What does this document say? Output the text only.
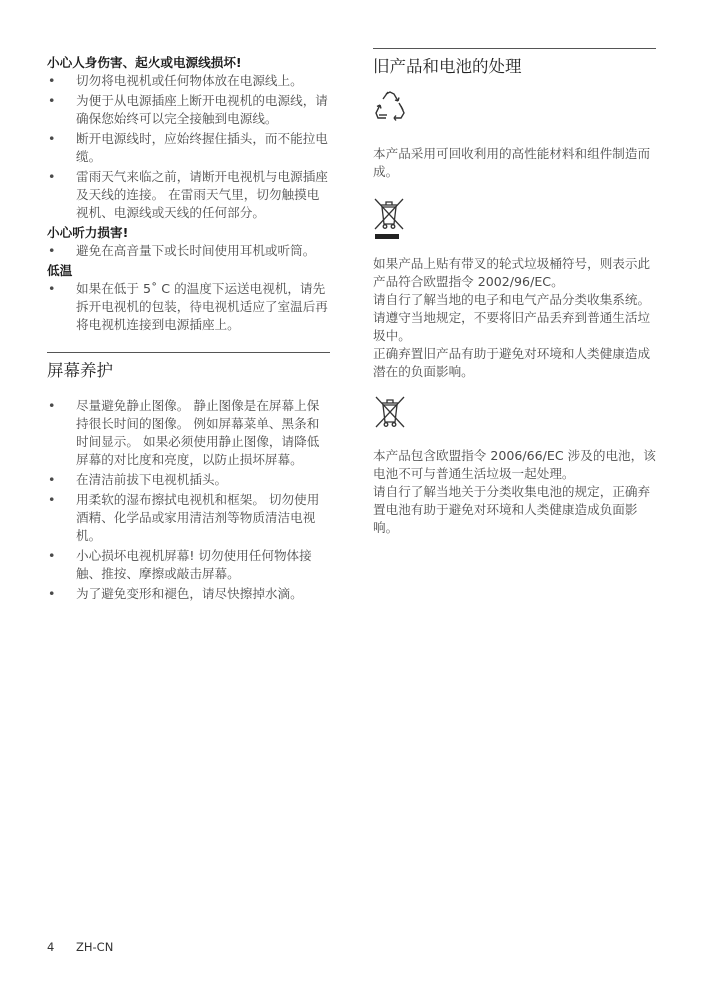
小心人身伤害、起火或电源线损坏!

• 切勿将电视机或任何物体放在电源线上。

• 为便于从电源插座上断开电视机的电源线，请确保您始终可以完全接触到电源线。

• 断开电源线时，应始终握住插头，而不能拉电缆。

• 雷雨天气来临之前，请断开电视机与电源插座及天线的连接。 在雷雨天气里，切勿触摸电视机、电源线或天线的任何部分。

小心听力损害!

• 避免在高音量下或长时间使用耳机或听筒。

低温

• 如果在低于 5˚ C 的温度下运送电视机，请先拆开电视机的包装，待电视机适应了室温后再将电视机连接到电源插座上。

屏幕养护

• 尽量避免静止图像。 静止图像是在屏幕上保持很长时间的图像。 例如屏幕菜单、黑条和时间显示。 如果必须使用静止图像，请降低屏幕的对比度和亮度，以防止损坏屏幕。

• 在清洁前拔下电视机插头。

• 用柔软的湿布擦拭电视机和框架。 切勿使用酒精、化学品或家用清洁剂等物质清洁电视机。

• 小心损坏电视机屏幕! 切勿使用任何物体接触、推按、摩擦或敲击屏幕。

• 为了避免变形和褪色，请尽快擦掉水滴。

旧产品和电池的处理

本产品采用可回收利用的高性能材料和组件制造而成。

如果产品上贴有带叉的轮式垃圾桶符号，则表示此产品符合欧盟指令 2002/96/EC。

请自行了解当地的电子和电气产品分类收集系统。

请遵守当地规定，不要将旧产品丢弃到普通生活垃圾中。

正确弃置旧产品有助于避免对环境和人类健康造成潜在的负面影响。

本产品包含欧盟指令 2006/66/EC 涉及的电池，该电池不可与普通生活垃圾一起处理。

请自行了解当地关于分类收集电池的规定，正确弃置电池有助于避免对环境和人类健康造成负面影响。

4 ZH-CN
